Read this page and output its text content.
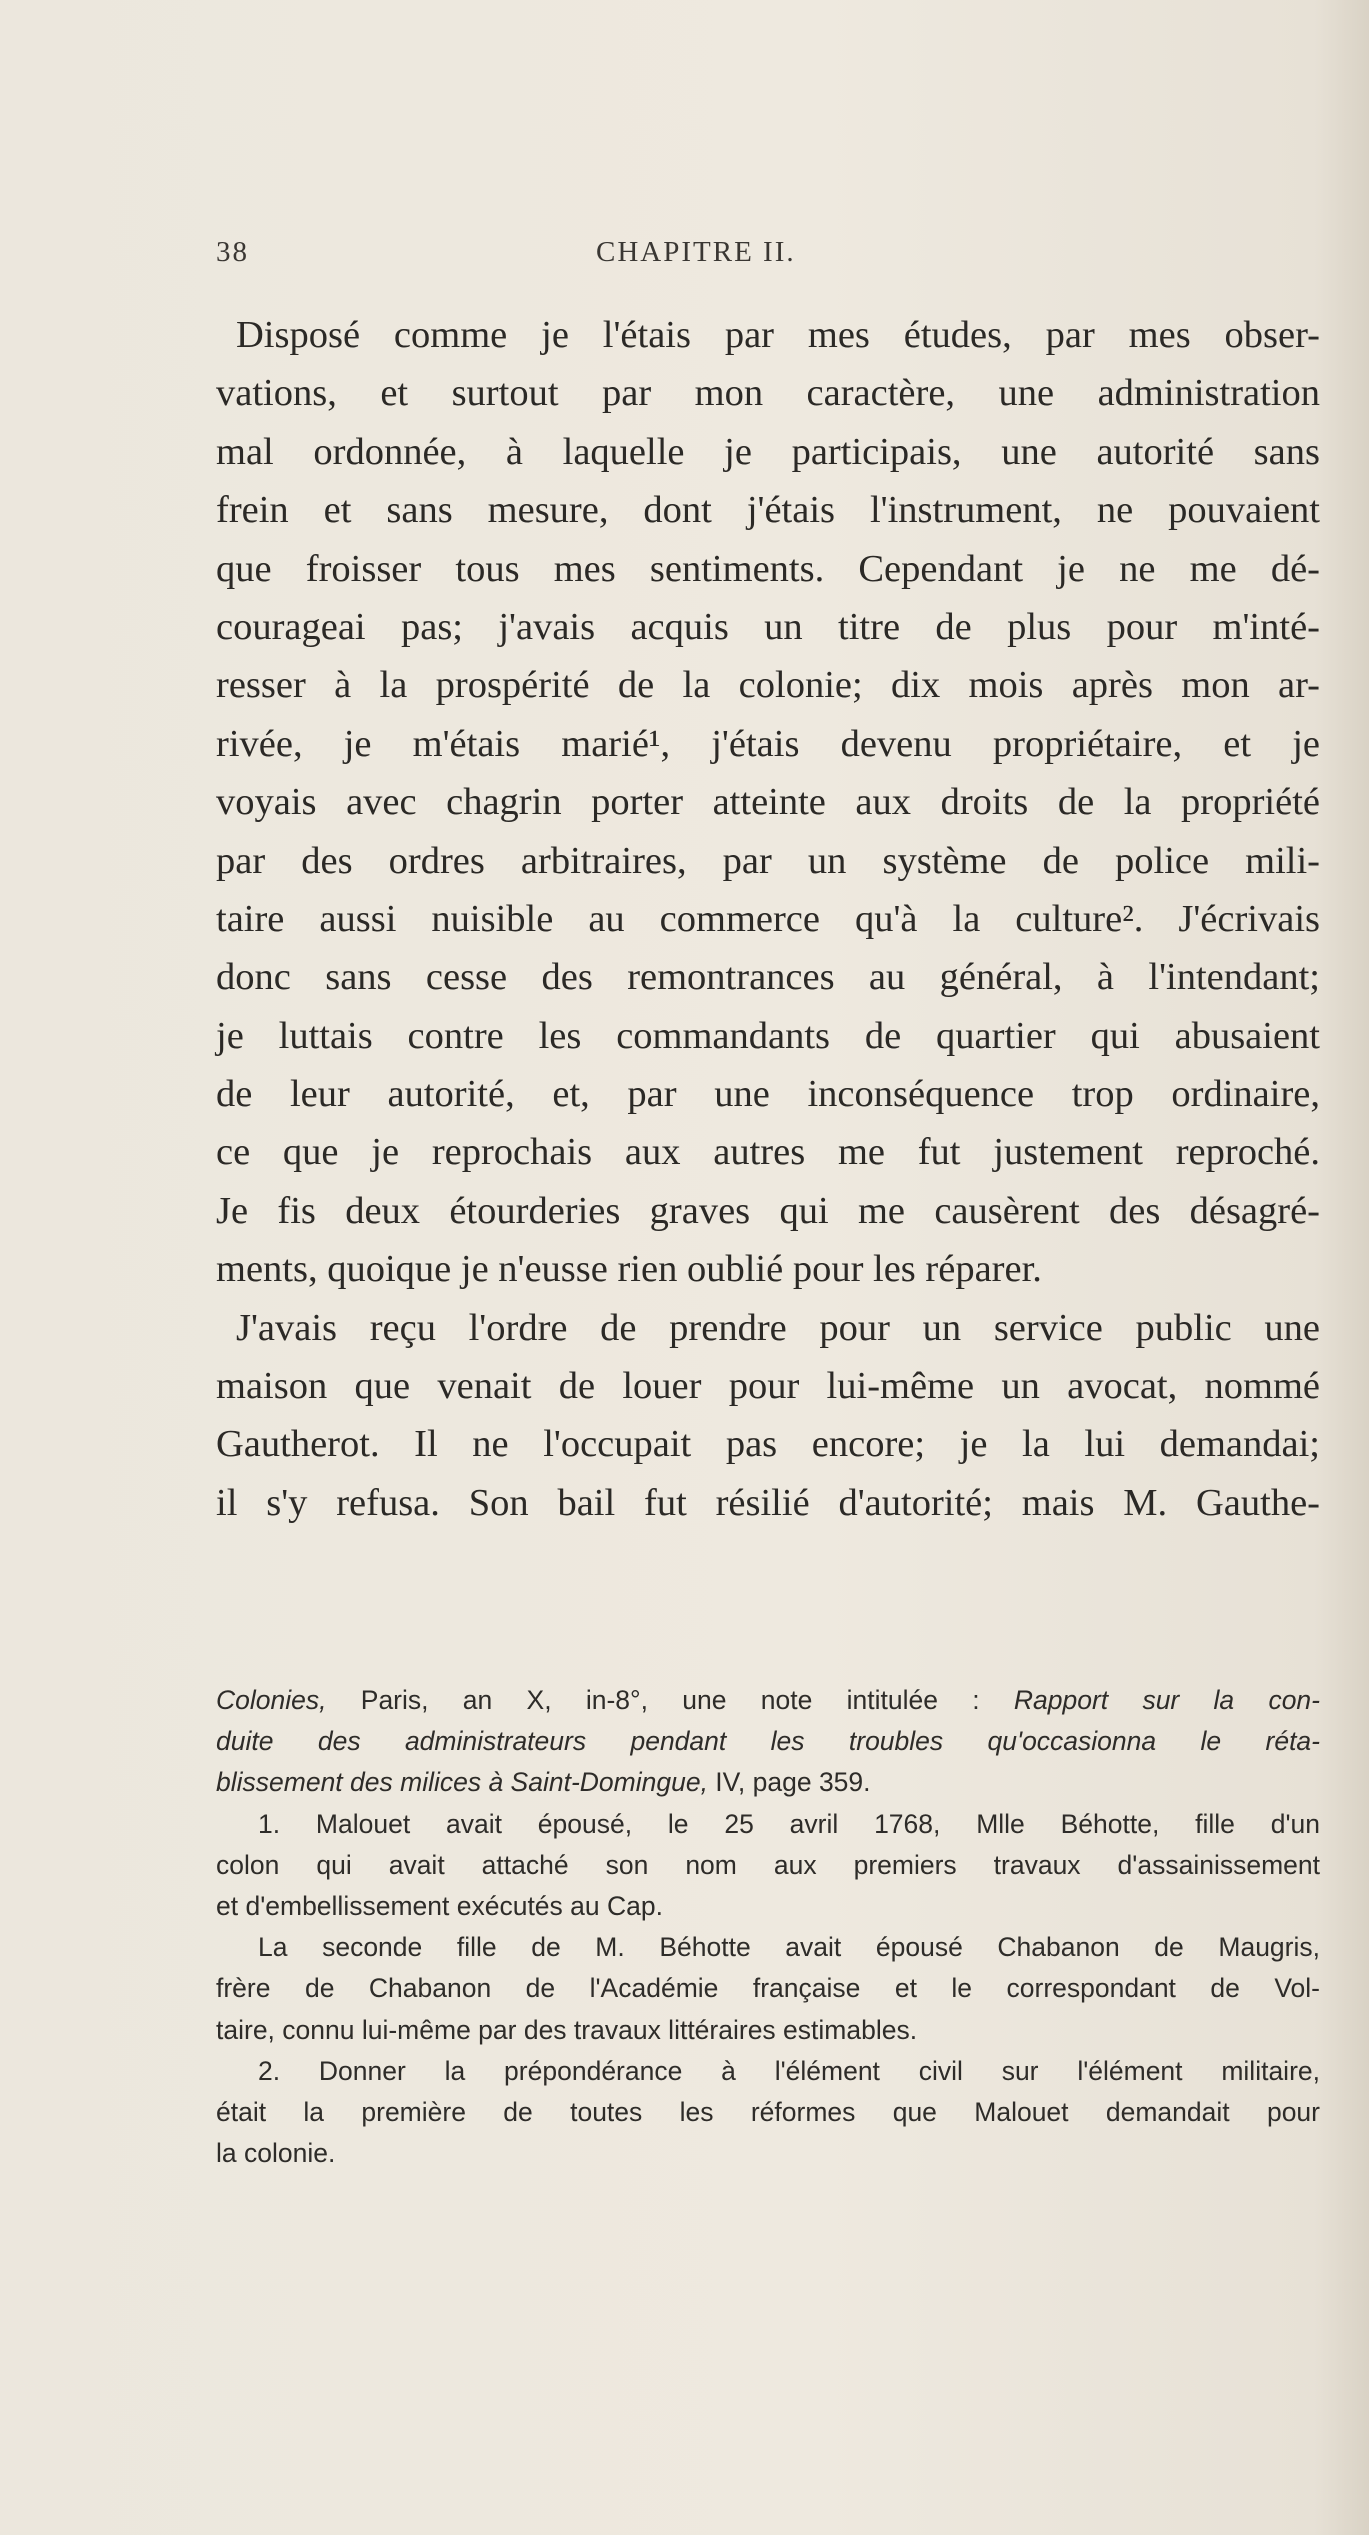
38	CHAPITRE II.

Disposé comme je l'étais par mes études, par mes obser-
vations, et surtout par mon caractère, une administration
mal ordonnée, à laquelle je participais, une autorité sans
frein et sans mesure, dont j'étais l'instrument, ne pouvaient
que froisser tous mes sentiments. Cependant je ne me dé-
courageai pas; j'avais acquis un titre de plus pour m'inté-
resser à la prospérité de la colonie; dix mois après mon ar-
rivée, je m'étais marié¹, j'étais devenu propriétaire, et je
voyais avec chagrin porter atteinte aux droits de la propriété
par des ordres arbitraires, par un système de police mili-
taire aussi nuisible au commerce qu'à la culture². J'écrivais
donc sans cesse des remontrances au général, à l'intendant;
je luttais contre les commandants de quartier qui abusaient
de leur autorité, et, par une inconséquence trop ordinaire,
ce que je reprochais aux autres me fut justement reproché.
Je fis deux étourderies graves qui me causèrent des désagré-
ments, quoique je n'eusse rien oublié pour les réparer.

J'avais reçu l'ordre de prendre pour un service public une
maison que venait de louer pour lui-même un avocat, nommé
Gautherot. Il ne l'occupait pas encore; je la lui demandai;
il s'y refusa. Son bail fut résilié d'autorité; mais M. Gauthe-

Colonies, Paris, an X, in-8°, une note intitulée : Rapport sur la con-
duite des administrateurs pendant les troubles qu'occasionna le réta-
blissement des milices à Saint-Domingue, IV, page 359.
1. Malouet avait épousé, le 25 avril 1768, Mlle Béhotte, fille d'un
colon qui avait attaché son nom aux premiers travaux d'assainissement
et d'embellissement exécutés au Cap.
La seconde fille de M. Béhotte avait épousé Chabanon de Maugris,
frère de Chabanon de l'Académie française et le correspondant de Vol-
taire, connu lui-même par des travaux littéraires estimables.
2. Donner la prépondérance à l'élément civil sur l'élément militaire,
était la première de toutes les réformes que Malouet demandait pour
la colonie.
